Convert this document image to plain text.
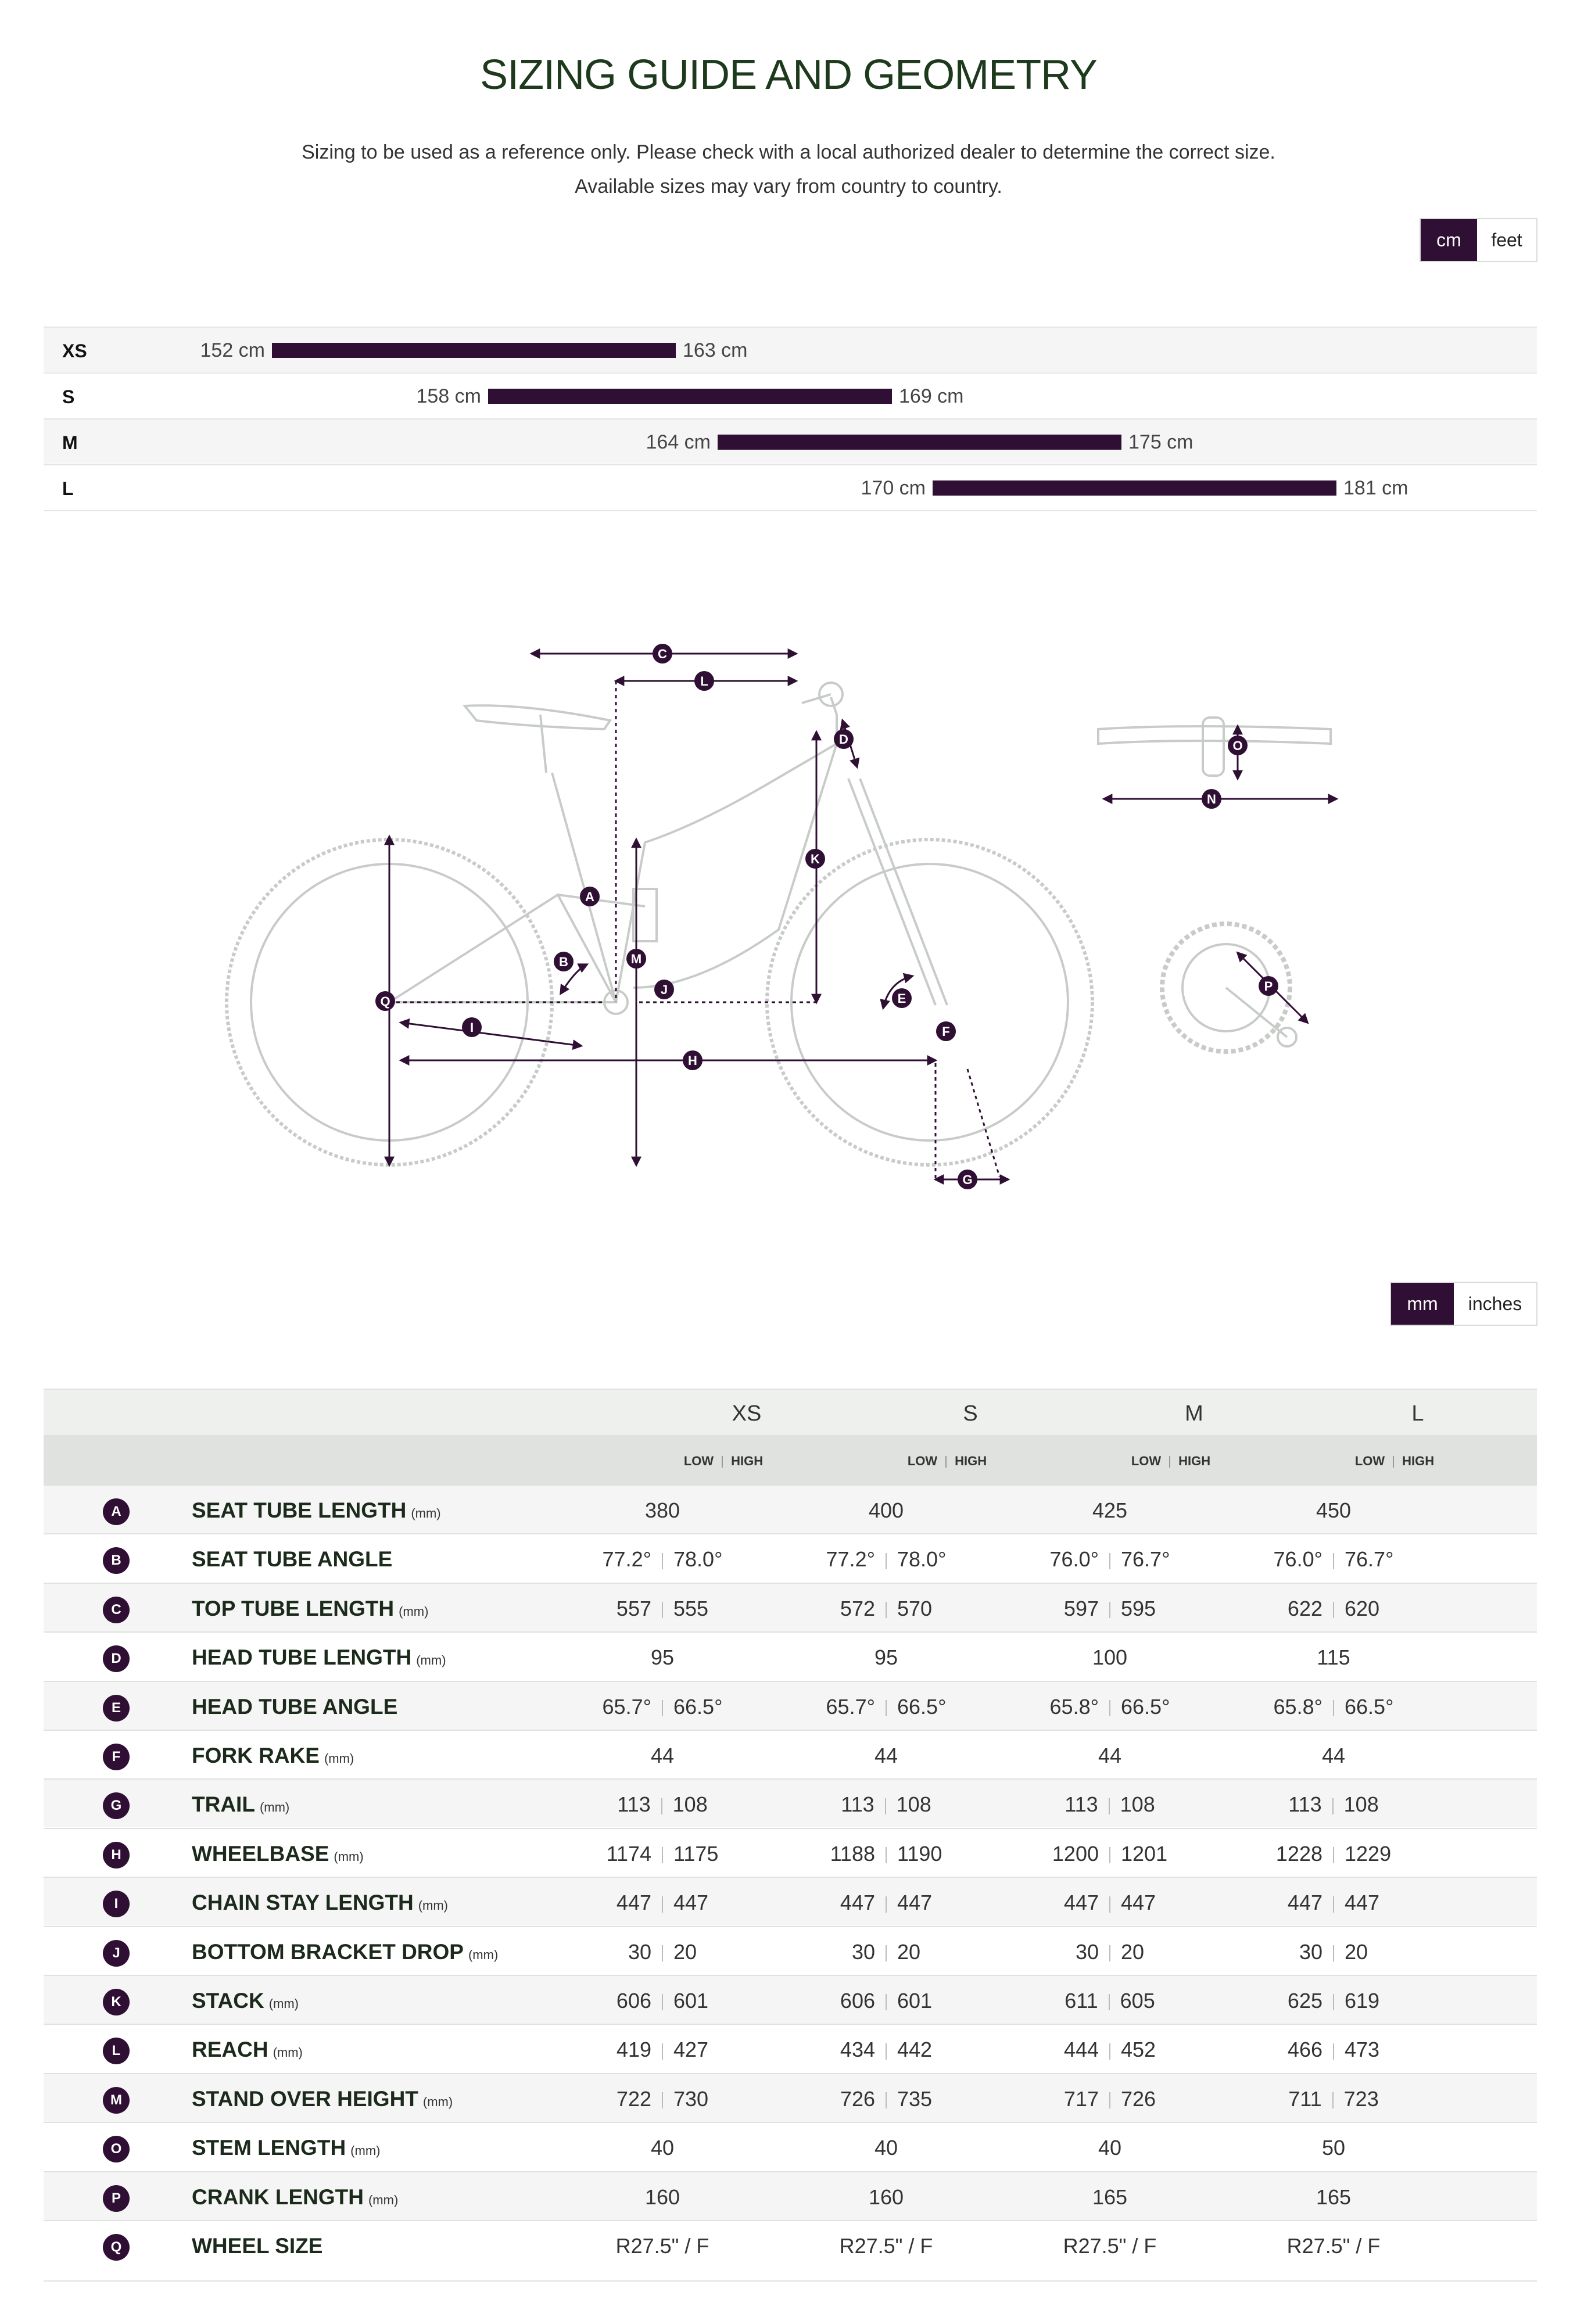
SIZING GUIDE AND GEOMETRY
Sizing to be used as a reference only. Please check with a local authorized dealer to determine the correct size.
Available sizes may vary from country to country.
cm	feet
XS	152 cm	163 cm
S	158 cm	169 cm
M	164 cm	175 cm
L	170 cm	181 cm
A
B
C
D
E
F
G
H
I
J
K
L
M
N
O
P
Q
mm	inches
XS	S	M	L
LOW HIGH	LOW HIGH	LOW HIGH	LOW HIGH
A	SEAT TUBE LENGTH (mm)	380	400	425	450
B	SEAT TUBE ANGLE	77.2° 78.0°	77.2° 78.0°	76.0° 76.7°	76.0° 76.7°
C	TOP TUBE LENGTH (mm)	557 555	572 570	597 595	622 620
D	HEAD TUBE LENGTH (mm)	95	95	100	115
E	HEAD TUBE ANGLE	65.7° 66.5°	65.7° 66.5°	65.8° 66.5°	65.8° 66.5°
F	FORK RAKE (mm)	44	44	44	44
G	TRAIL (mm)	113 108	113 108	113 108	113 108
H	WHEELBASE (mm)	1174 1175	1188 1190	1200 1201	1228 1229
I	CHAIN STAY LENGTH (mm)	447 447	447 447	447 447	447 447
J	BOTTOM BRACKET DROP (mm)	30 20	30 20	30 20	30 20
K	STACK (mm)	606 601	606 601	611 605	625 619
L	REACH (mm)	419 427	434 442	444 452	466 473
M	STAND OVER HEIGHT (mm)	722 730	726 735	717 726	711 723
O	STEM LENGTH (mm)	40	40	40	50
P	CRANK LENGTH (mm)	160	160	165	165
Q	WHEEL SIZE	R27.5" / F	R27.5" / F	R27.5" / F	R27.5" / F
